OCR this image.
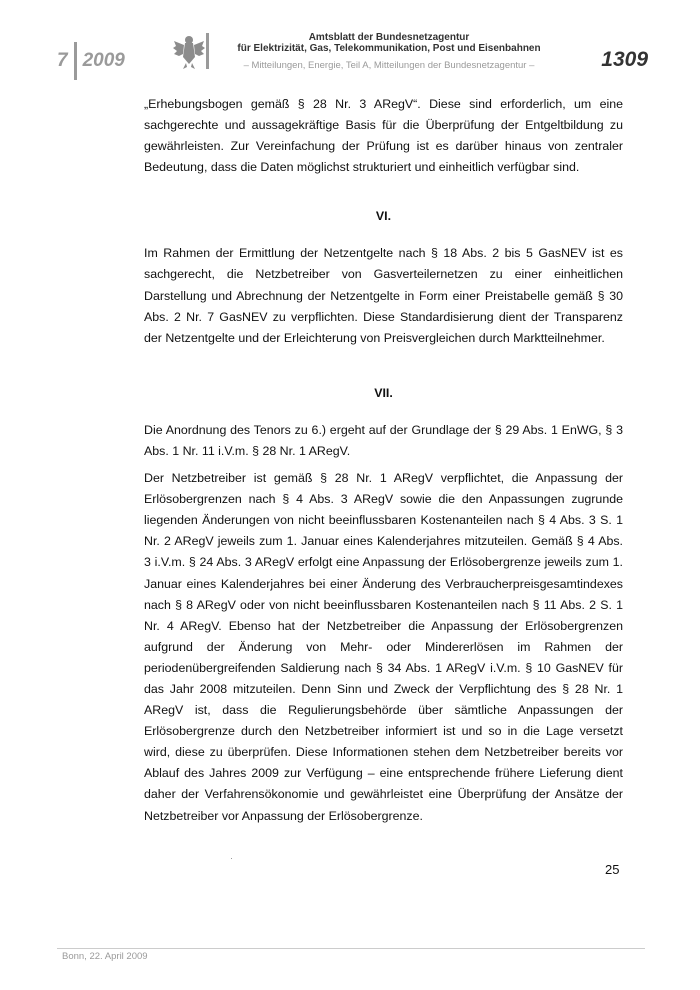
7 2009
Amtsblatt der Bundesnetzagentur
für Elektrizität, Gas, Telekommunikation, Post und Eisenbahnen
– Mitteilungen, Energie, Teil A, Mitteilungen der Bundesnetzagentur –	1309

„Erhebungsbogen gemäß § 28 Nr. 3 ARegV“. Diese sind erforderlich, um eine sachgerechte und aussagekräftige Basis für die Überprüfung der Entgeltbildung zu gewährleisten. Zur Vereinfachung der Prüfung ist es darüber hinaus von zentraler Bedeutung, dass die Daten möglichst strukturiert und einheitlich verfügbar sind.

VI.

Im Rahmen der Ermittlung der Netzentgelte nach § 18 Abs. 2 bis 5 GasNEV ist es sachgerecht, die Netzbetreiber von Gasverteilernetzen zu einer einheitlichen Darstellung und Abrechnung der Netzentgelte in Form einer Preistabelle gemäß § 30 Abs. 2 Nr. 7 GasNEV zu verpflichten. Diese Standardisierung dient der Transparenz der Netzentgelte und der Erleichterung von Preisvergleichen durch Marktteilnehmer.

VII.

Die Anordnung des Tenors zu 6.) ergeht auf der Grundlage der § 29 Abs. 1 EnWG, § 3 Abs. 1 Nr. 11 i.V.m. § 28 Nr. 1 ARegV.

Der Netzbetreiber ist gemäß § 28 Nr. 1 ARegV verpflichtet, die Anpassung der Erlösobergrenzen nach § 4 Abs. 3 ARegV sowie die den Anpassungen zugrunde liegenden Änderungen von nicht beeinflussbaren Kostenanteilen nach § 4 Abs. 3 S. 1 Nr. 2 ARegV jeweils zum 1. Januar eines Kalenderjahres mitzuteilen. Gemäß § 4 Abs. 3 i.V.m. § 24 Abs. 3 ARegV erfolgt eine Anpassung der Erlösobergrenze jeweils zum 1. Januar eines Kalenderjahres bei einer Änderung des Verbraucherpreisgesamtindexes nach § 8 ARegV oder von nicht beeinflussbaren Kostenanteilen nach § 11 Abs. 2 S. 1 Nr. 4 ARegV. Ebenso hat der Netzbetreiber die Anpassung der Erlösobergrenzen aufgrund der Änderung von Mehr- oder Mindererlösen im Rahmen der periodenübergreifenden Saldierung nach § 34 Abs. 1 ARegV i.V.m. § 10 GasNEV für das Jahr 2008 mitzuteilen. Denn Sinn und Zweck der Verpflichtung des § 28 Nr. 1 ARegV ist, dass die Regulierungsbehörde über sämtliche Anpassungen der Erlösobergrenze durch den Netzbetreiber informiert ist und so in die Lage versetzt wird, diese zu überprüfen. Diese Informationen stehen dem Netzbetreiber bereits vor Ablauf des Jahres 2009 zur Verfügung – eine entsprechende frühere Lieferung dient daher der Verfahrensökonomie und gewährleistet eine Überprüfung der Ansätze der Netzbetreiber vor Anpassung der Erlösobergrenze.

25
Bonn, 22. April 2009
